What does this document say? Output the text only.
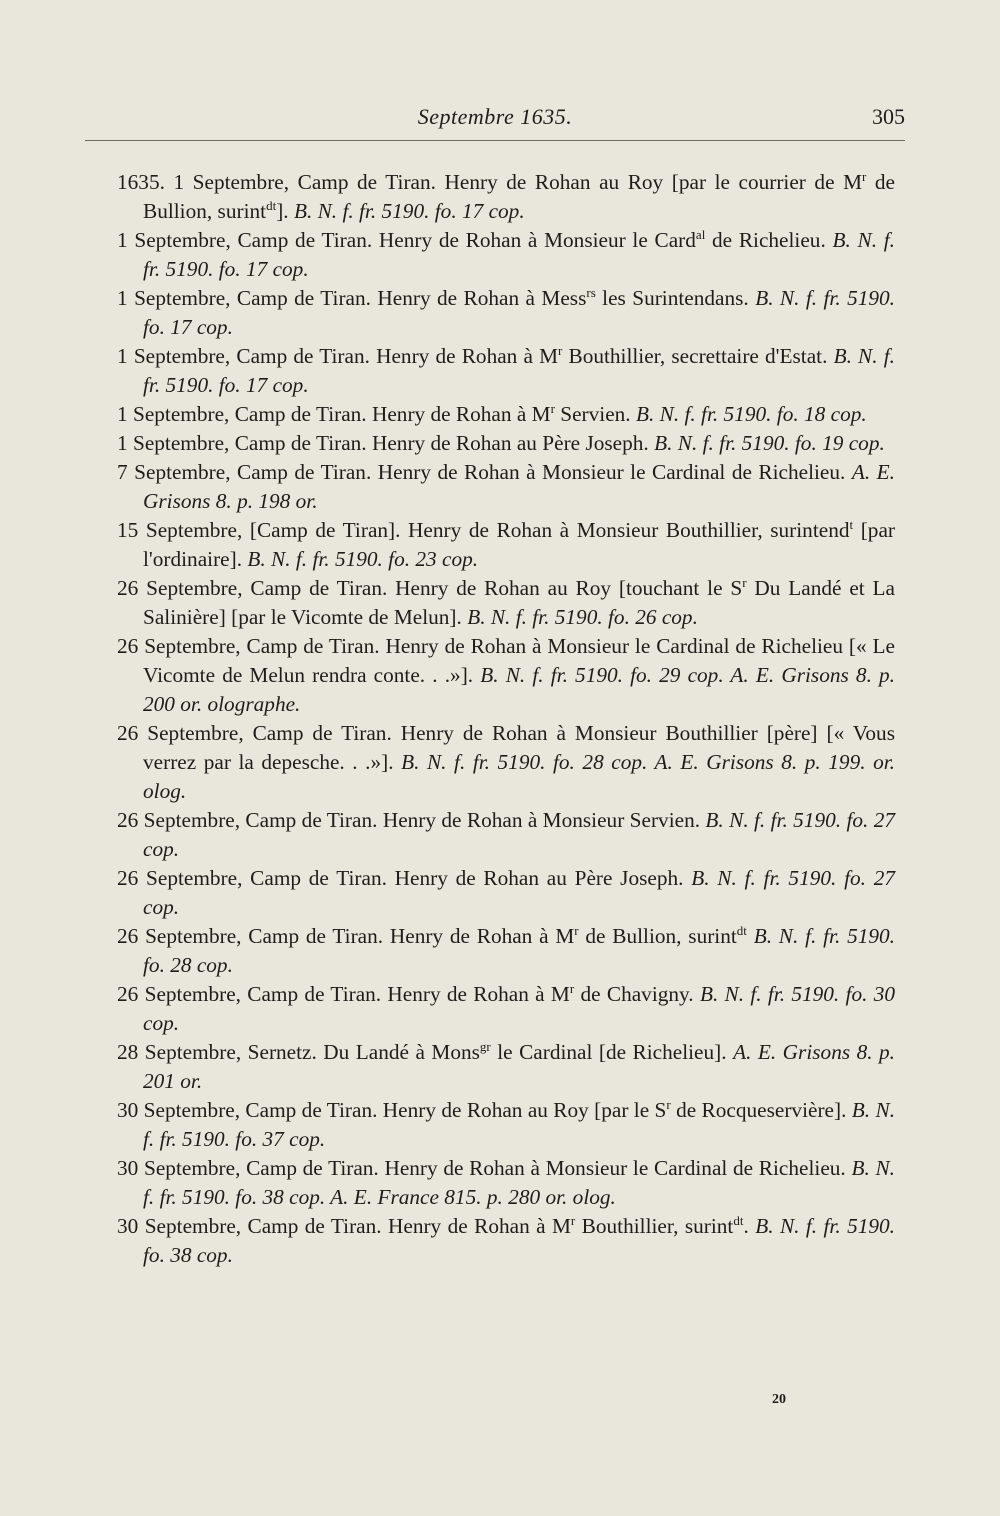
Septembre 1635.	305

1635. 1 Septembre, Camp de Tiran. Henry de Rohan au Roy [par le courrier de $M^r$ de Bullion, surint$^{dt}$]. B. N. f. fr. 5190. fo. 17 cop.

1 Septembre, Camp de Tiran. Henry de Rohan à Monsieur le Card$^{al}$ de Richelieu. B. N. f. fr. 5190. fo. 17 cop.

1 Septembre, Camp de Tiran. Henry de Rohan à Mess$^{rs}$ les Surintendans. B. N. f. fr. 5190. fo. 17 cop.

1 Septembre, Camp de Tiran. Henry de Rohan à $M^r$ Bouthillier, secrettaire d'Estat. B. N. f. fr. 5190. fo. 17 cop.

1 Septembre, Camp de Tiran. Henry de Rohan à $M^r$ Servien. B. N. f. fr. 5190. fo. 18 cop.

1 Septembre, Camp de Tiran. Henry de Rohan au Père Joseph. B. N. f. fr. 5190. fo. 19 cop.

7 Septembre, Camp de Tiran. Henry de Rohan à Monsieur le Cardinal de Richelieu. A. E. Grisons 8. p. 198 or.

15 Septembre, [Camp de Tiran]. Henry de Rohan à Monsieur Bouthillier, surintend$^t$ [par l'ordinaire]. B. N. f. fr. 5190. fo. 23 cop.

26 Septembre, Camp de Tiran. Henry de Rohan au Roy [touchant le $S^r$ Du Landé et La Salinière] [par le Vicomte de Melun]. B. N. f. fr. 5190. fo. 26 cop.

26 Septembre, Camp de Tiran. Henry de Rohan à Monsieur le Cardinal de Richelieu [« Le Vicomte de Melun rendra conte. . .»]. B. N. f. fr. 5190. fo. 29 cop. A. E. Grisons 8. p. 200 or. olographe.

26 Septembre, Camp de Tiran. Henry de Rohan à Monsieur Bouthillier [père] [« Vous verrez par la depesche. . .»]. B. N. f. fr. 5190. fo. 28 cop. A. E. Grisons 8. p. 199. or. olog.

26 Septembre, Camp de Tiran. Henry de Rohan à Monsieur Servien. B. N. f. fr. 5190. fo. 27 cop.

26 Septembre, Camp de Tiran. Henry de Rohan au Père Joseph. B. N. f. fr. 5190. fo. 27 cop.

26 Septembre, Camp de Tiran. Henry de Rohan à $M^r$ de Bullion, surint$^{dt}$ B. N. f. fr. 5190. fo. 28 cop.

26 Septembre, Camp de Tiran. Henry de Rohan à $M^r$ de Chavigny. B. N. f. fr. 5190. fo. 30 cop.

28 Septembre, Sernetz. Du Landé à Mons$^{gr}$ le Cardinal [de Richelieu]. A. E. Grisons 8. p. 201 or.

30 Septembre, Camp de Tiran. Henry de Rohan au Roy [par le $S^r$ de Rocqueservière]. B. N. f. fr. 5190. fo. 37 cop.

30 Septembre, Camp de Tiran. Henry de Rohan à Monsieur le Cardinal de Richelieu. B. N. f. fr. 5190. fo. 38 cop. A. E. France 815. p. 280 or. olog.

30 Septembre, Camp de Tiran. Henry de Rohan à $M^r$ Bouthillier, surint$^{dt}$. B. N. f. fr. 5190. fo. 38 cop.

20
